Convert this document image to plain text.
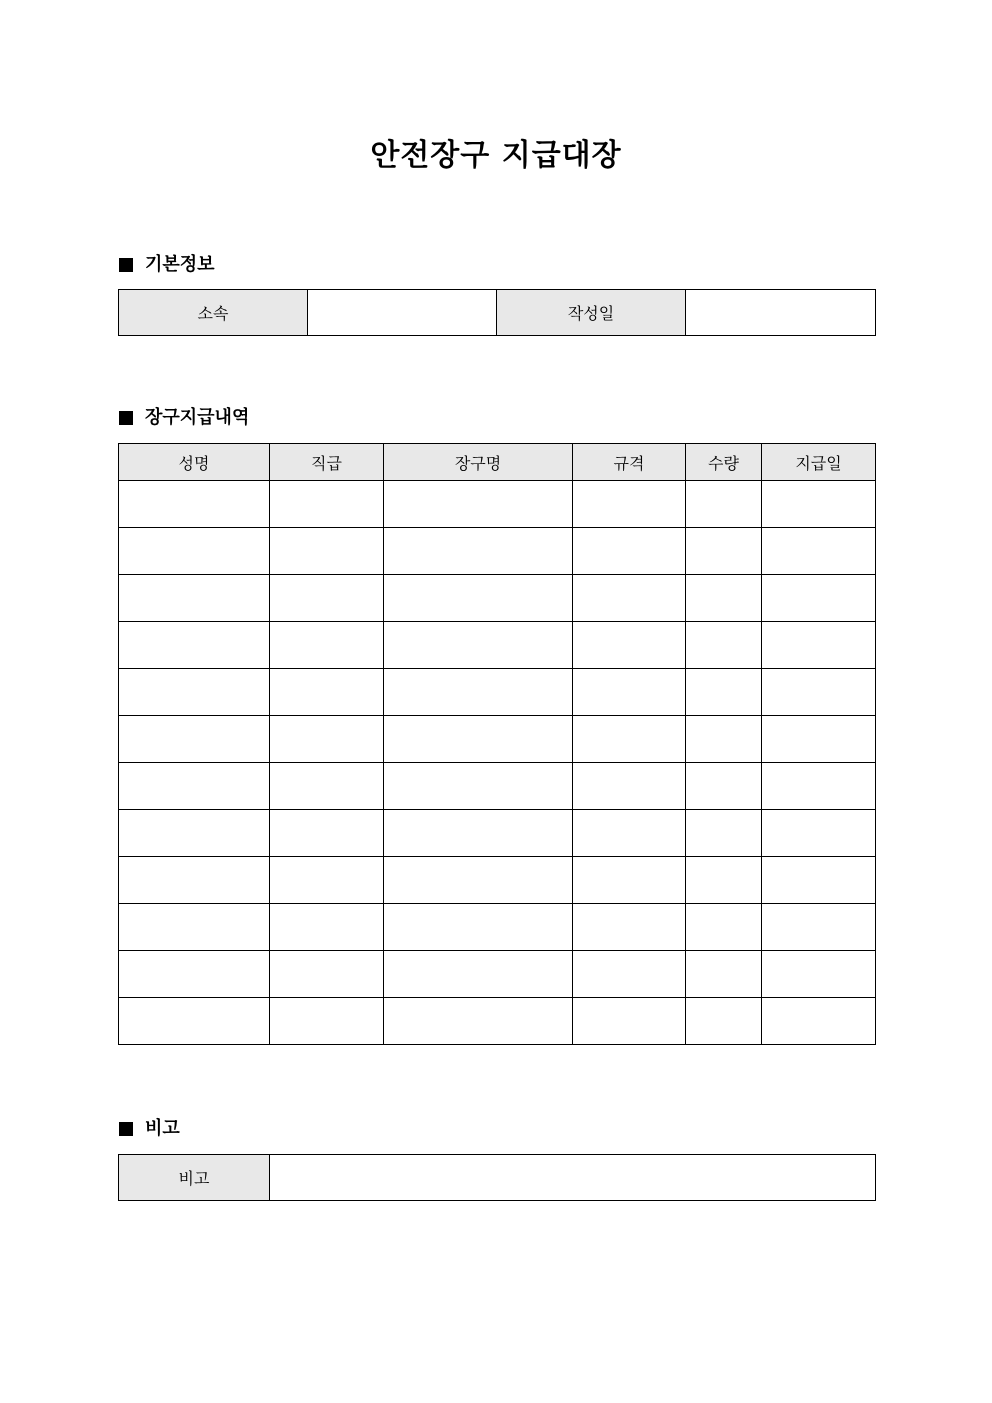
안전장구 지급대장
기본정보
소속		작성일	
장구지급내역
성명	직급	장구명	규격	수량	지급일

비고
비고	
